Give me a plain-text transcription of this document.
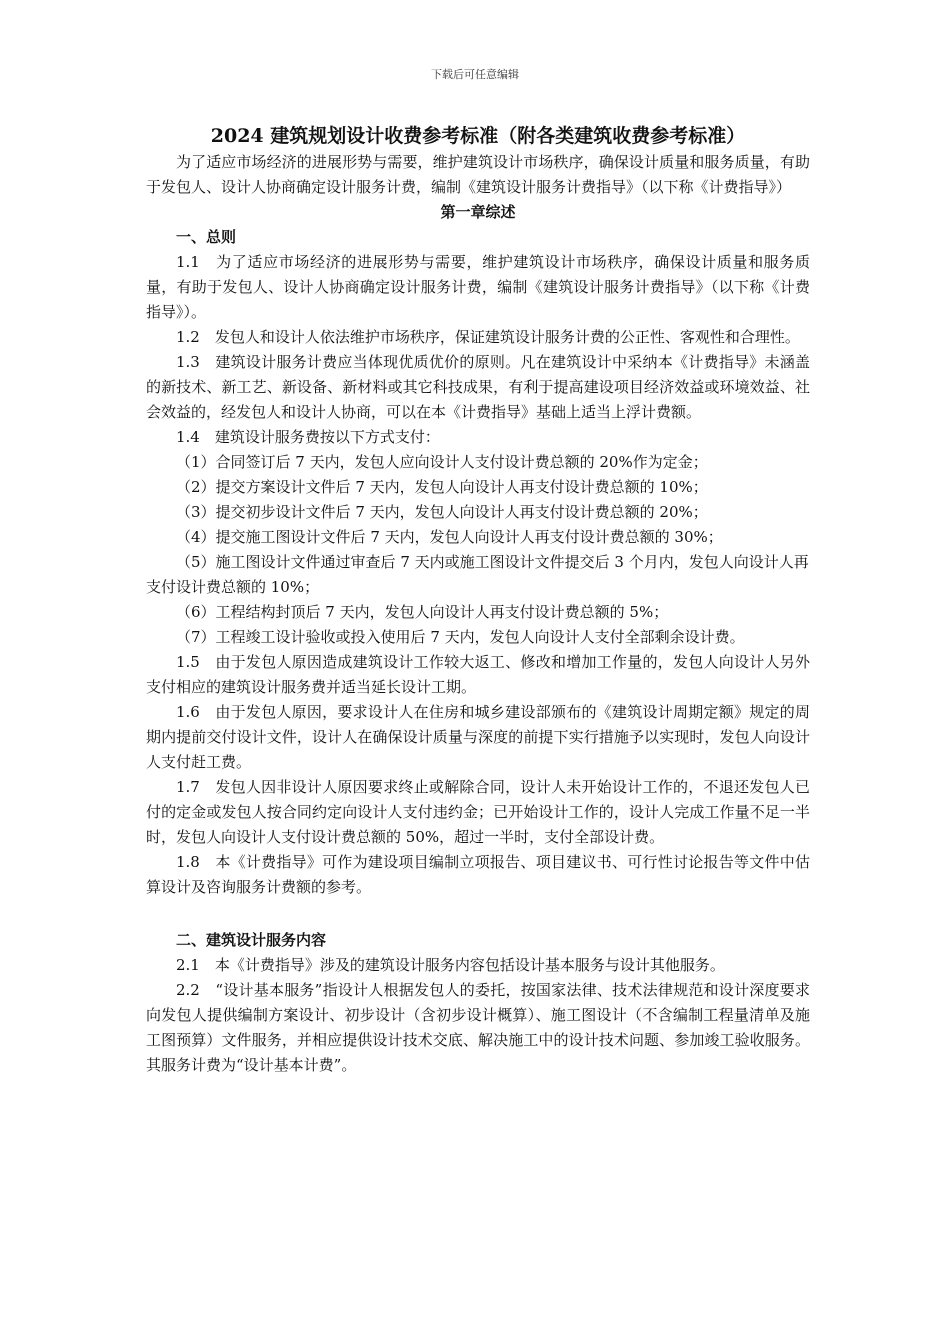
下载后可任意编辑
2024 建筑规划设计收费参考标准（附各类建筑收费参考标准）

为了适应市场经济的进展形势与需要，维护建筑设计市场秩序，确保设计质量和服务质量，有助于发包人、设计人协商确定设计服务计费，编制《建筑设计服务计费指导》（以下称《计费指导》）

第一章综述

一、总则

1.1　为了适应市场经济的进展形势与需要，维护建筑设计市场秩序，确保设计质量和服务质量，有助于发包人、设计人协商确定设计服务计费，编制《建筑设计服务计费指导》（以下称《计费指导》）。

1.2　发包人和设计人依法维护市场秩序，保证建筑设计服务计费的公正性、客观性和合理性。

1.3　建筑设计服务计费应当体现优质优价的原则。凡在建筑设计中采纳本《计费指导》未涵盖的新技术、新工艺、新设备、新材料或其它科技成果，有利于提高建设项目经济效益或环境效益、社会效益的，经发包人和设计人协商，可以在本《计费指导》基础上适当上浮计费额。

1.4　建筑设计服务费按以下方式支付：

（1）合同签订后 7 天内，发包人应向设计人支付设计费总额的 20%作为定金；

（2）提交方案设计文件后 7 天内，发包人向设计人再支付设计费总额的 10%；

（3）提交初步设计文件后 7 天内，发包人向设计人再支付设计费总额的 20%；

（4）提交施工图设计文件后 7 天内，发包人向设计人再支付设计费总额的 30%；

（5）施工图设计文件通过审查后 7 天内或施工图设计文件提交后 3 个月内，发包人向设计人再支付设计费总额的 10%；

（6）工程结构封顶后 7 天内，发包人向设计人再支付设计费总额的 5%；

（7）工程竣工设计验收或投入使用后 7 天内，发包人向设计人支付全部剩余设计费。

1.5　由于发包人原因造成建筑设计工作较大返工、修改和增加工作量的，发包人向设计人另外支付相应的建筑设计服务费并适当延长设计工期。

1.6　由于发包人原因，要求设计人在住房和城乡建设部颁布的《建筑设计周期定额》规定的周期内提前交付设计文件，设计人在确保设计质量与深度的前提下实行措施予以实现时，发包人向设计人支付赶工费。

1.7　发包人因非设计人原因要求终止或解除合同，设计人未开始设计工作的，不退还发包人已付的定金或发包人按合同约定向设计人支付违约金；已开始设计工作的，设计人完成工作量不足一半时，发包人向设计人支付设计费总额的 50%，超过一半时，支付全部设计费。

1.8　本《计费指导》可作为建设项目编制立项报告、项目建议书、可行性讨论报告等文件中估算设计及咨询服务计费额的参考。

二、建筑设计服务内容

2.1　本《计费指导》涉及的建筑设计服务内容包括设计基本服务与设计其他服务。

2.2　“设计基本服务”指设计人根据发包人的委托，按国家法律、技术法律规范和设计深度要求向发包人提供编制方案设计、初步设计（含初步设计概算）、施工图设计（不含编制工程量清单及施工图预算）文件服务，并相应提供设计技术交底、解决施工中的设计技术问题、参加竣工验收服务。其服务计费为“设计基本计费”。
